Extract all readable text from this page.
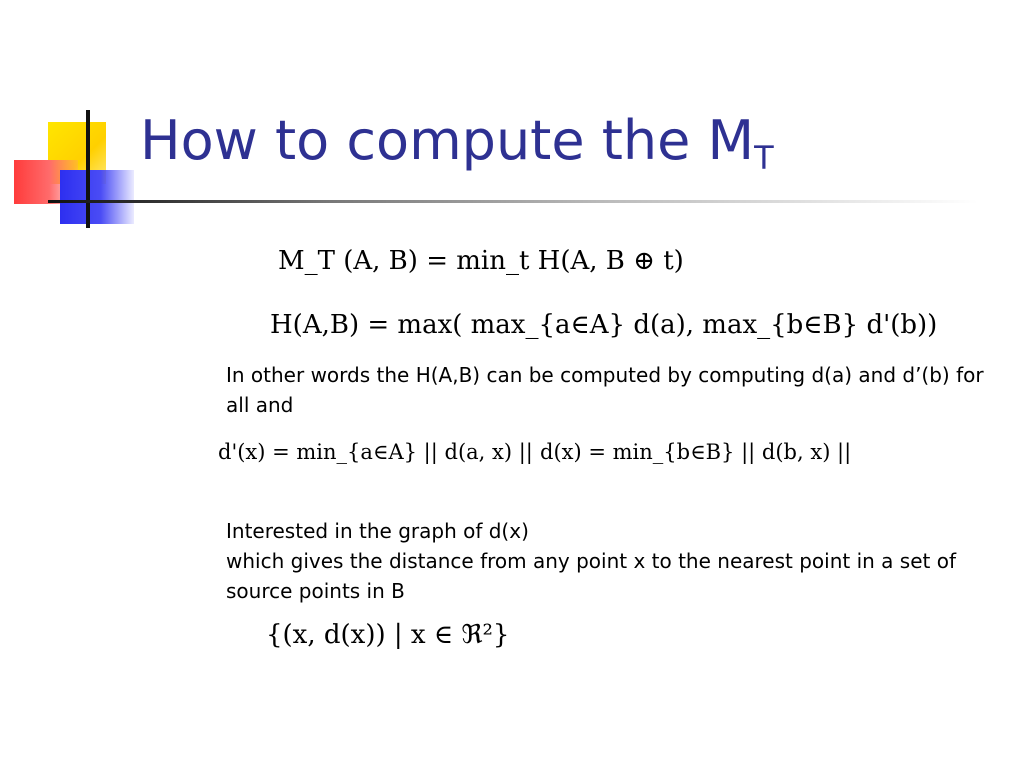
How to compute the $M_T$

M_T (A, B) = min_t H(A, B ⊕ t)

H(A,B) = max( max_{a∈A} d(a), max_{b∈B} d'(b))

In other words the H(A,B) can be computed by computing d(a) and d’(b) for all and

d'(x) = min_{a∈A} || d(a, x) || d(x) = min_{b∈B} || d(b, x) ||

Interested in the graph of d(x)
which gives the distance from any point x to the nearest point in a set of source points in B

{(x, d(x)) | x ∈ ℜ²}
